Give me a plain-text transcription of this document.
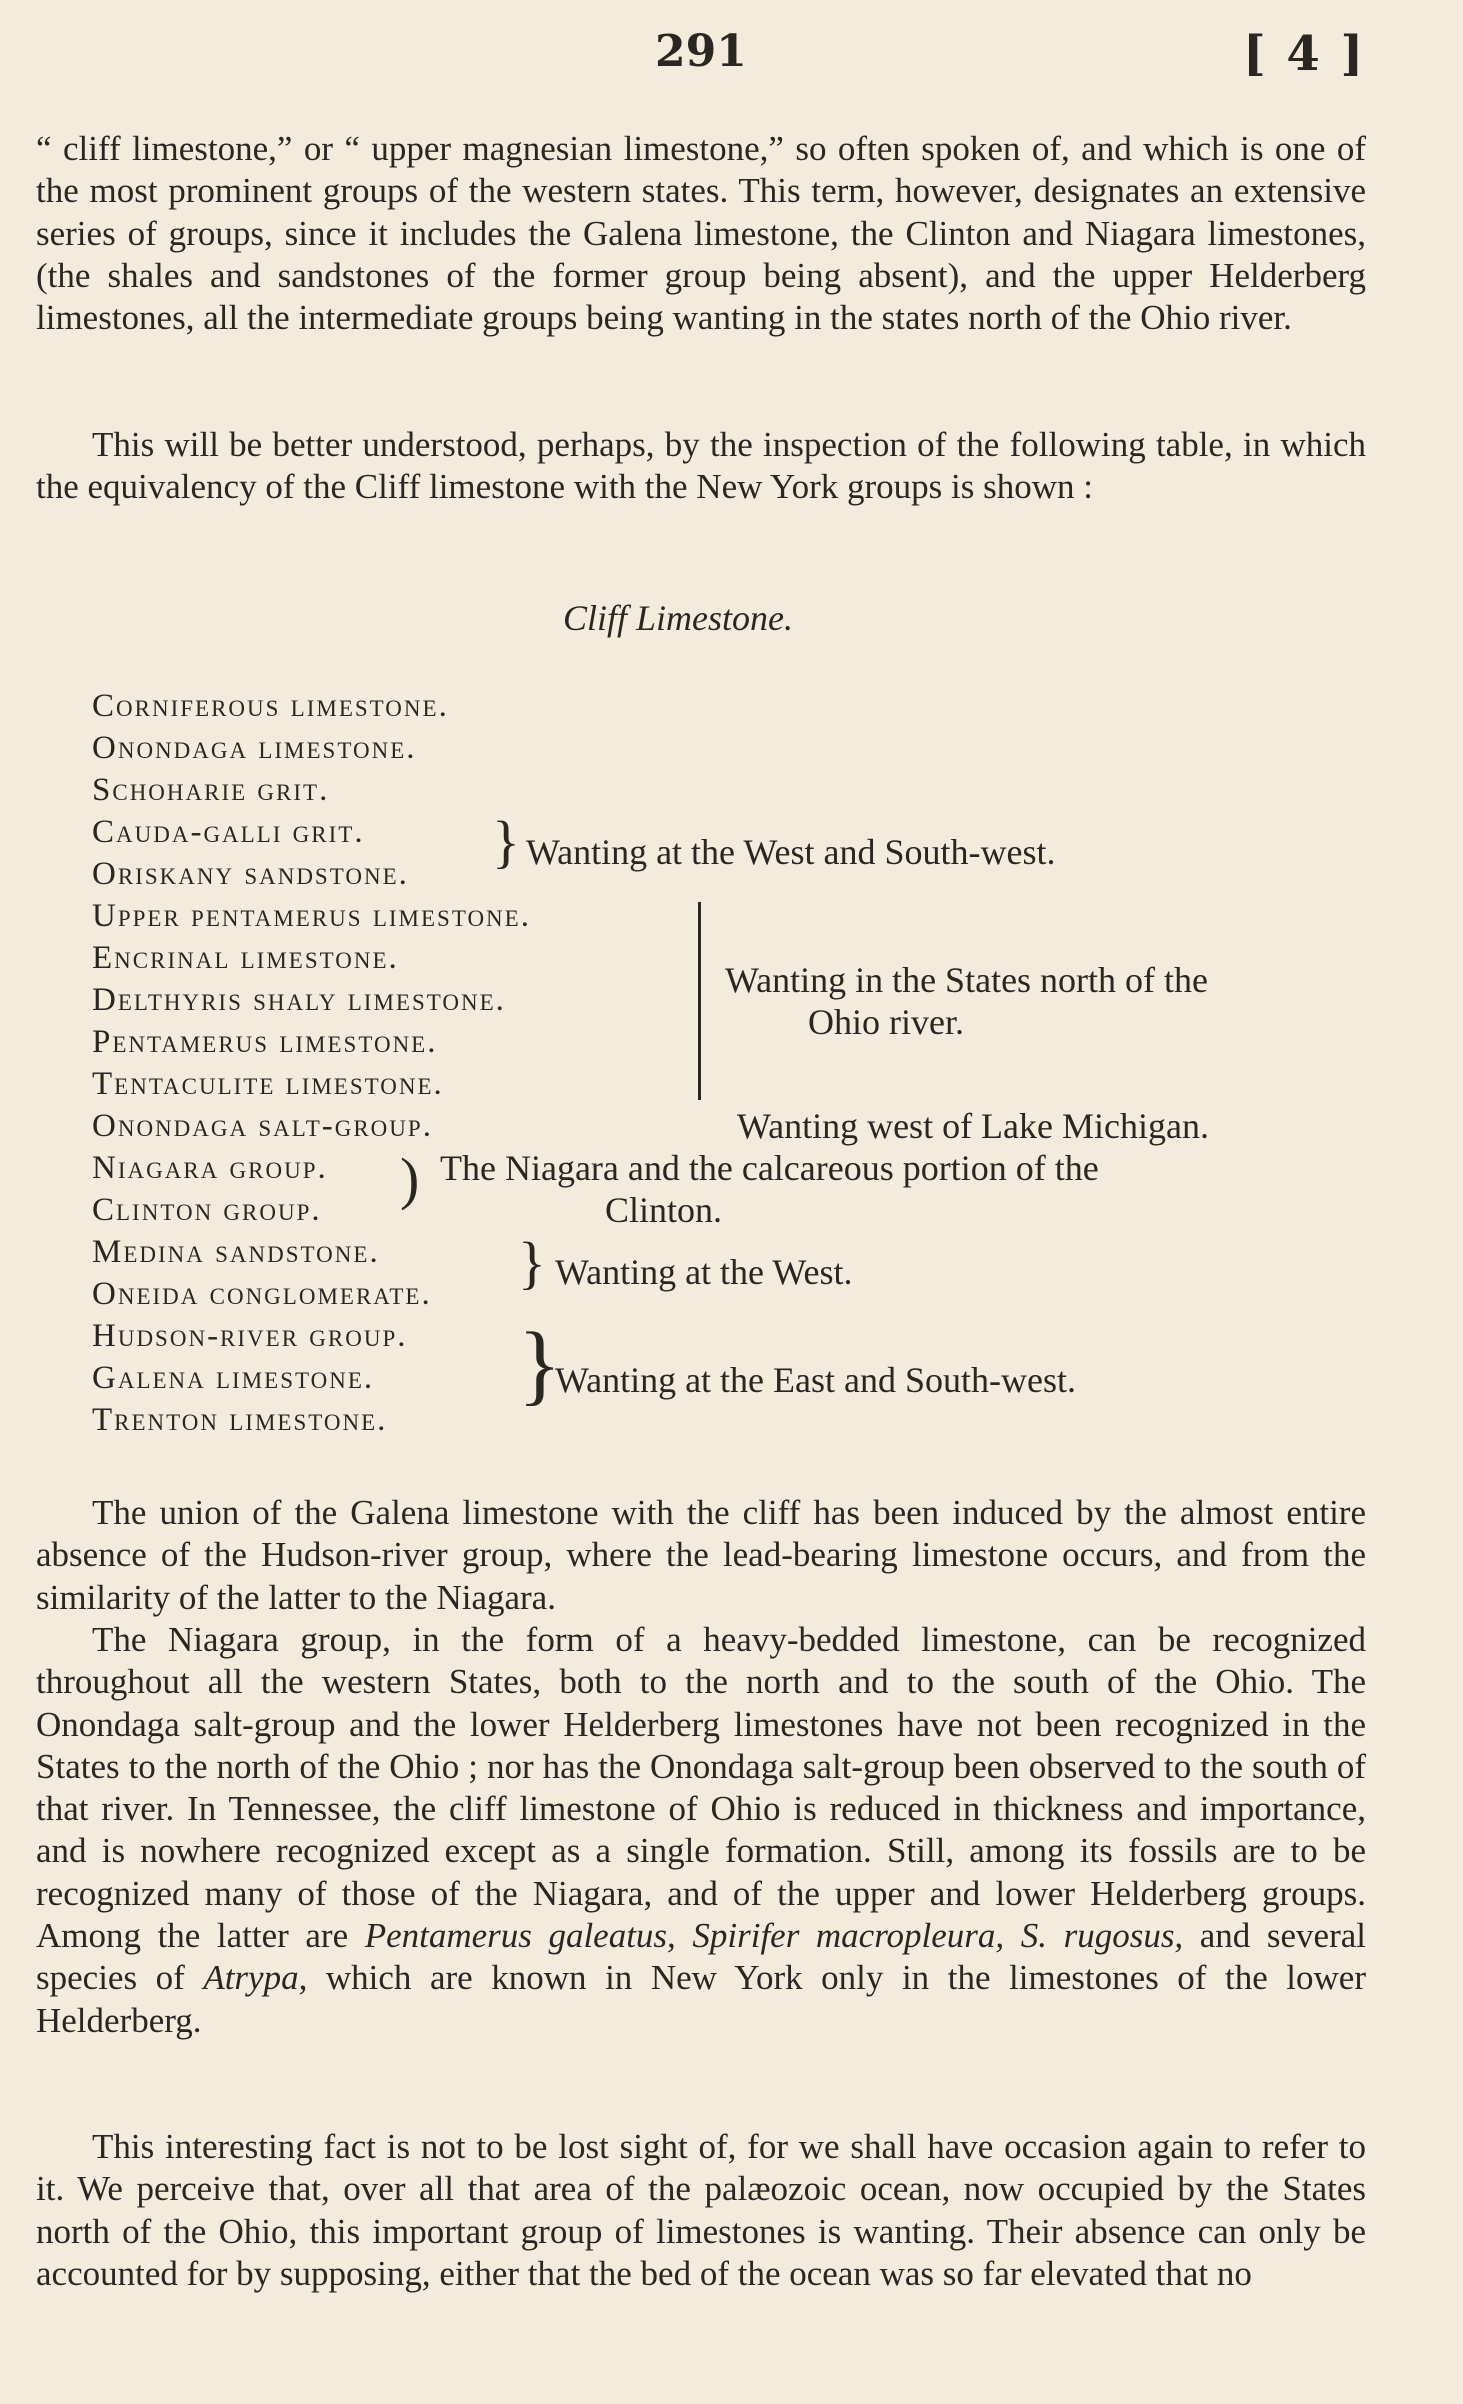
291	[ 4 ]

“ cliff limestone,” or “ upper magnesian limestone,” so often spoken of, and which is one of the most prominent groups of the western states. This term, however, designates an extensive series of groups, since it includes the Galena limestone, the Clinton and Niagara limestones, (the shales and sandstones of the former group being absent), and the upper Helderberg limestones, all the intermediate groups being wanting in the states north of the Ohio river.

This will be better understood, perhaps, by the inspection of the following table, in which the equivalency of the Cliff limestone with the New York groups is shown :

Cliff Limestone.
Corniferous limestone.
Onondaga limestone.
Schoharie grit.
Cauda-galli grit.
Oriskany sandstone.
Upper pentamerus limestone.
Encrinal limestone.
Delthyris shaly limestone.
Pentamerus limestone.
Tentaculite limestone.
Onondaga salt-group.
Niagara group.
Clinton group.
Medina sandstone.
Oneida conglomerate.
Hudson-river group.
Galena limestone.
Trenton limestone.
} Wanting at the West and South-west.
Wanting in the States north of the
Ohio river.
Wanting west of Lake Michigan.
) The Niagara and the calcareous portion of the
Clinton.
} Wanting at the West.
}
Wanting at the East and South-west.

The union of the Galena limestone with the cliff has been induced by the almost entire absence of the Hudson-river group, where the lead-bearing limestone occurs, and from the similarity of the latter to the Niagara.

The Niagara group, in the form of a heavy-bedded limestone, can be recognized throughout all the western States, both to the north and to the south of the Ohio. The Onondaga salt-group and the lower Helderberg limestones have not been recognized in the States to the north of the Ohio ; nor has the Onondaga salt-group been observed to the south of that river. In Tennessee, the cliff limestone of Ohio is reduced in thickness and importance, and is nowhere recognized except as a single formation. Still, among its fossils are to be recognized many of those of the Niagara, and of the upper and lower Helderberg groups. Among the latter are Pentamerus galeatus, Spirifer macropleura, S. rugosus, and several species of Atrypa, which are known in New York only in the limestones of the lower Helderberg.

This interesting fact is not to be lost sight of, for we shall have occasion again to refer to it. We perceive that, over all that area of the palæozoic ocean, now occupied by the States north of the Ohio, this important group of limestones is wanting. Their absence can only be accounted for by supposing, either that the bed of the ocean was so far elevated that no
